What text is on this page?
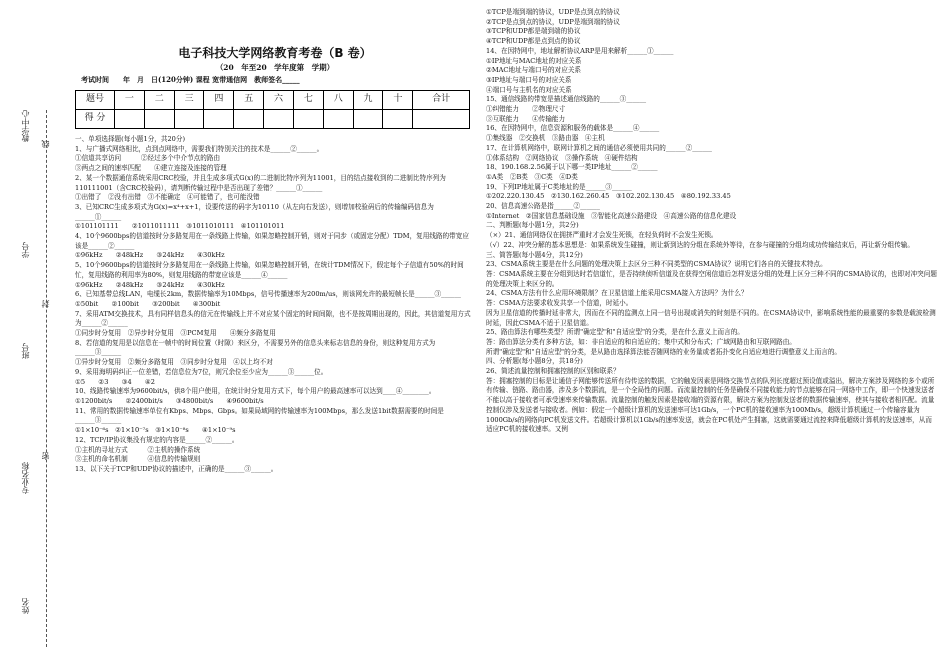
教学中心
学号
班号
专业名称
姓名
线
封
密
电子科技大学网络教育考卷（B 卷）
（20　年至20　学年度第　学期）
考试时间　　年　月　日(120分钟) 课程 宽带通信网　教师签名_____
题号	一	二	三	四	五	六	七	八	九	十	合计
得 分											

一、单项选择题(每小题1分，共20分)

1、与广播式网络相比，点到点网络中，需要我们特别关注的技术是______②______。

①信道共享访问　　　②经过多个中介节点的路由

③两点之间的速率匹配　　④建立连接及连接的管理

2、某一个数据通信系统采用CRC校验，并且生成多项式G(x)的二进制比特序列为11001，目的结点接收到的二进制比特序列为110111001（含CRC校验码），请判断传输过程中是否出现了差错？______①______

①出错了　②没有出错　③不能确定　④可能错了，也可能没错

3、已知CRC生成多项式为G(x)=x⁴+x+1，设要传送的码字为10110（从左向右发送），则增加校验码后的传输编码信息为______①______

①101101111　　②1011011111　③1011010111　④101101011

4、10个9600bps的信道按时分多路复用在一条线路上传输，如果忽略控制开销，则对于同步（或固定分配）TDM，复用线路的带宽应该是______②______

①96kHz　　②48kHz　　③24kHz　　④30kHz

5、10个9600bps的信道按时分多路复用在一条线路上传输，如果忽略控制开销，在统计TDM情况下，假定每个子信道有50%的时间忙，复用线路的利用率为80%，则复用线路的带宽应该是______④______

①96kHz　　②48kHz　　③24kHz　　④30kHz

6、已知基带总线LAN，电缆长2km，数据传输率为10Mbps，信号传播速率为200m/us，则该网允许的最短帧长是______③______

①50bit　　②100bit　　③200bit　　④300bit

7、采用ATM交换技术，具有同样信息头的信元在传输线上并不对应某个固定的时间间隙，也不是按周期出现的，因此，其信道复用方式为______②______

①同步时分复用　②异步时分复用　③PCM复用　　④频分多路复用

8、若信道的复用是以信息在一帧中的时间位置（时隙）来区分，不需要另外的信息头来标志信息的身份，则这种复用方式为______③______

①异步时分复用　②频分多路复用　③同步时分复用　④以上均不对

9、采用海明码纠正一位差错，若信息位为7位，则冗余位至少应为______③______位。

①5　　②3　　③4　　④2

10、线路传输速率为9600bit/s，供8个用户使用，在统计时分复用方式下，每个用户的最高速率可以达到____④________。

①1200bit/s　　②2400bit/s　　③4800bit/s　　④9600bit/s

11、常用的数据传输速率单位有Kbps、Mbps、Gbps。如果局域网的传输速率为100Mbps，那么发送1bit数据需要的时间是______③______

①1×10⁻⁶s　②1×10⁻⁷s　③1×10⁻⁸s　　④1×10⁻⁹s

12、TCP/IP协议集没有规定的内容是______②______。

①主机的寻址方式　　　②主机的操作系统

③主机的命名机制　　　④信息的传输规则

13、以下关于TCP和UDP协议的描述中，正确的是______③______。

①TCP是端到端的协议，UDP是点到点的协议

②TCP是点到点的协议，UDP是端到端的协议

③TCP和UDP都是端到端的协议

④TCP和UDP都是点到点的协议

14、在因特网中，地址解析协议ARP是用来解析______①______

①IP地址与MAC地址的对应关系

②MAC地址与端口号的对应关系

③IP地址与端口号的对应关系

④端口号与主机名的对应关系

15、通信线路的带宽是描述通信线路的______③______

①纠错能力　　②物理尺寸

③互联能力　　④传输能力

16、在因特网中，信息资源和服务的载体是______④______

①集线器　②交换机　③路由器　④主机

17、在计算机网络中，联网计算机之间的通信必须使用共同的______②______

①体系结构　②网络协议　③操作系统　④硬件结构

18、190.168.2.56属于以下哪一类IP地址______②______

①A类　②B类　③C类　④D类

19、下列IP地址属于C类地址的是______③______

①202.220.130.45　②130.162.260.45　③102.202.130.45　④80.192.33.45

20、信息高速公路是指______②______

①Internet　②国家信息基础设施　③智能化高速公路建设　④高速公路的信息化建设

二、判断题(每小题1分，共2分)

（×）21、通信网络仅在拥挤严重时才会发生死锁，在轻负荷时不会发生死锁。

（√）22、冲突分解的基本思想是：如果系统发生碰撞，则让新到达的分组在系统外等待，在参与碰撞的分组均成功传输结束后，再让新分组传输。

三、简答题(每小题4分，共12分)

23、CSMA系统主要是在什么问题的处理决策上去区分三种不同类型的CSMA协议？说明它们各自的关键技术特点。

答：CSMA系统主要在分组到达时若信道忙，是否持续侦听信道及在获得空闲信道后怎样发送分组的处理上区分三种不同的CSMA协议的，也即对冲突问题的处理决策上来区分的。

24、CSMA方法有什么应用环境限制？在卫星信道上能采用CSMA接入方法吗？为什么？

答：CSMA方法要求收发共享一个信道，时延小。

因为卫星信道的传播时延非常大，因而在不同的监测点上同一信号出现或消失的时刻是不同的。在CSMA协议中，影响系统性能的最重要的参数是载波检测时延，因此CSMA不适于卫星信道。

25、路由算法有哪些类型？所谓"确定型"和"自适应型"的分类，是在什么意义上而言的。

答：路由算法分类有多种方法，如：非自适应的和自适应的；集中式和分布式；广域网路由和互联网路由。

所谓"确定型"和"自适应型"的分类，是从路由选择算法能否随网络的业务量或者拓扑变化自适应地进行调整意义上而言的。

四、分析题(每小题8分，共18分)

26、简述流量控制和拥塞控制的区别和联系？

答：拥塞控制的目标是让通信子网能够传送所有待传送的数据，它的触发因素是网络交换节点的队列长度超过预设值或溢出，解决方案涉及网络的多个或所有传输、链路、路由器，涉及多个数据流，是一个全局性的问题。而流量控制的任务是确保不同接收能力的节点能够在同一网络中工作，即一个快速发送者不能以高于接收者可承受速率来传输数据。流量控制的触发因素是接收端的资源有限，解决方案为控制发送者的数据传输速率，使其与接收者相匹配。流量控制仅涉及发送者与接收者。例如：假定一个超级计算机的发送速率可达1Gb/s，一个PC机的接收速率为100Mb/s，超级计算机通过一个传输容量为1000Gb/s的网络向PC机发送文件。若超级计算机以1Gb/s的速率发送，就会在PC机处产生拥塞，这就需要通过流控来降低超级计算机的发送速率，从而适应PC机的接收速率。又例
